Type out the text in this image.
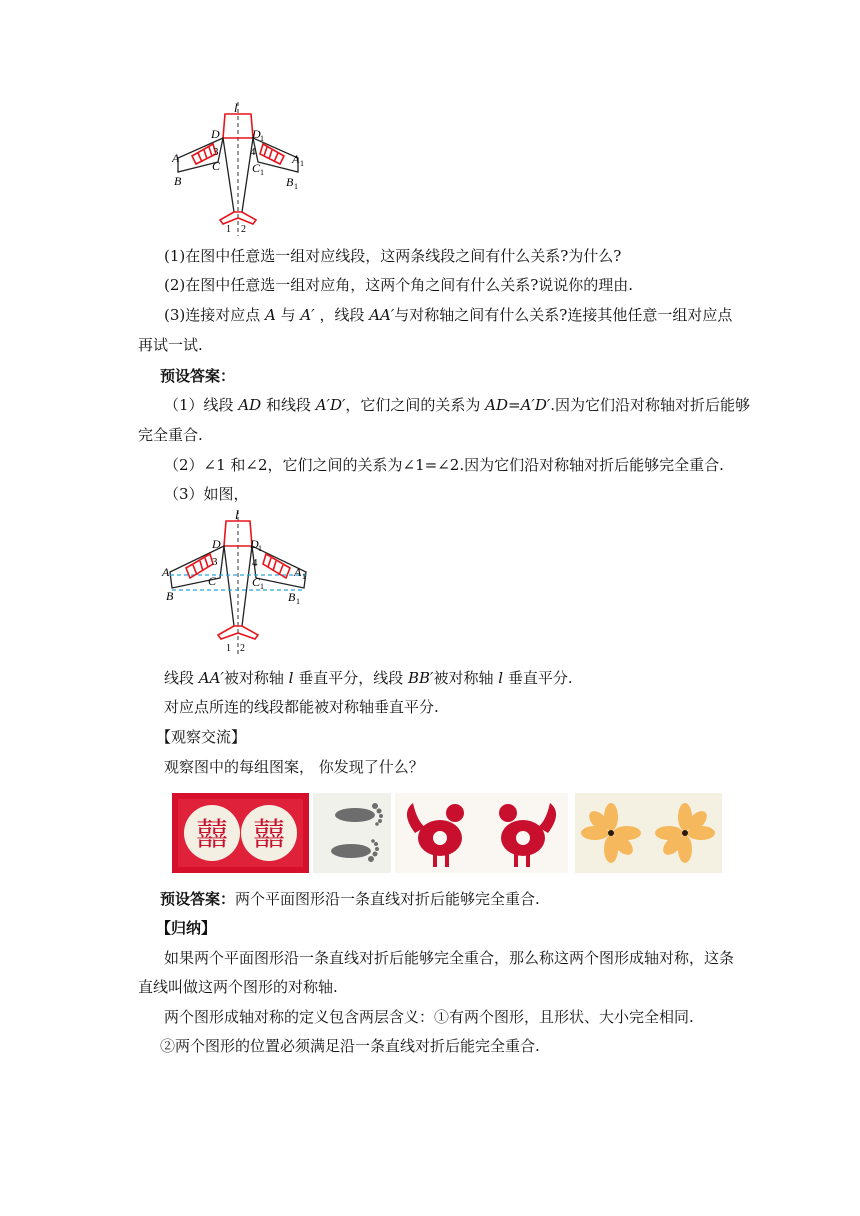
l
D	D 1
3	4
A	A 1
B	B 1
C	C 1
1 2
(1)在图中任意选一组对应线段，这两条线段之间有什么关系?为什么?
(2)在图中任意选一组对应角，这两个角之间有什么关系?说说你的理由.
(3)连接对应点 A 与 A′ ，线段 AA′与对称轴之间有什么关系?连接其他任意一组对应点
再试一试.
预设答案：
（1）线段 AD 和线段 A′D′，它们之间的关系为 AD=A′D′.因为它们沿对称轴对折后能够
完全重合.
（2）∠1 和∠2，它们之间的关系为∠1=∠2.因为它们沿对称轴对折后能够完全重合.
（3）如图，
l
D D 1
3	4
A	A 1
B	B 1
C	C 1
1 2
线段 AA′被对称轴 l 垂直平分，线段 BB′被对称轴 l 垂直平分.
对应点所连的线段都能被对称轴垂直平分.
【观察交流】
观察图中的每组图案， 你发现了什么？
囍 囍
预设答案：两个平面图形沿一条直线对折后能够完全重合.
【归纳】
如果两个平面图形沿一条直线对折后能够完全重合，那么称这两个图形成轴对称，这条
直线叫做这两个图形的对称轴.
两个图形成轴对称的定义包含两层含义：①有两个图形，且形状、大小完全相同.
②两个图形的位置必须满足沿一条直线对折后能完全重合.
